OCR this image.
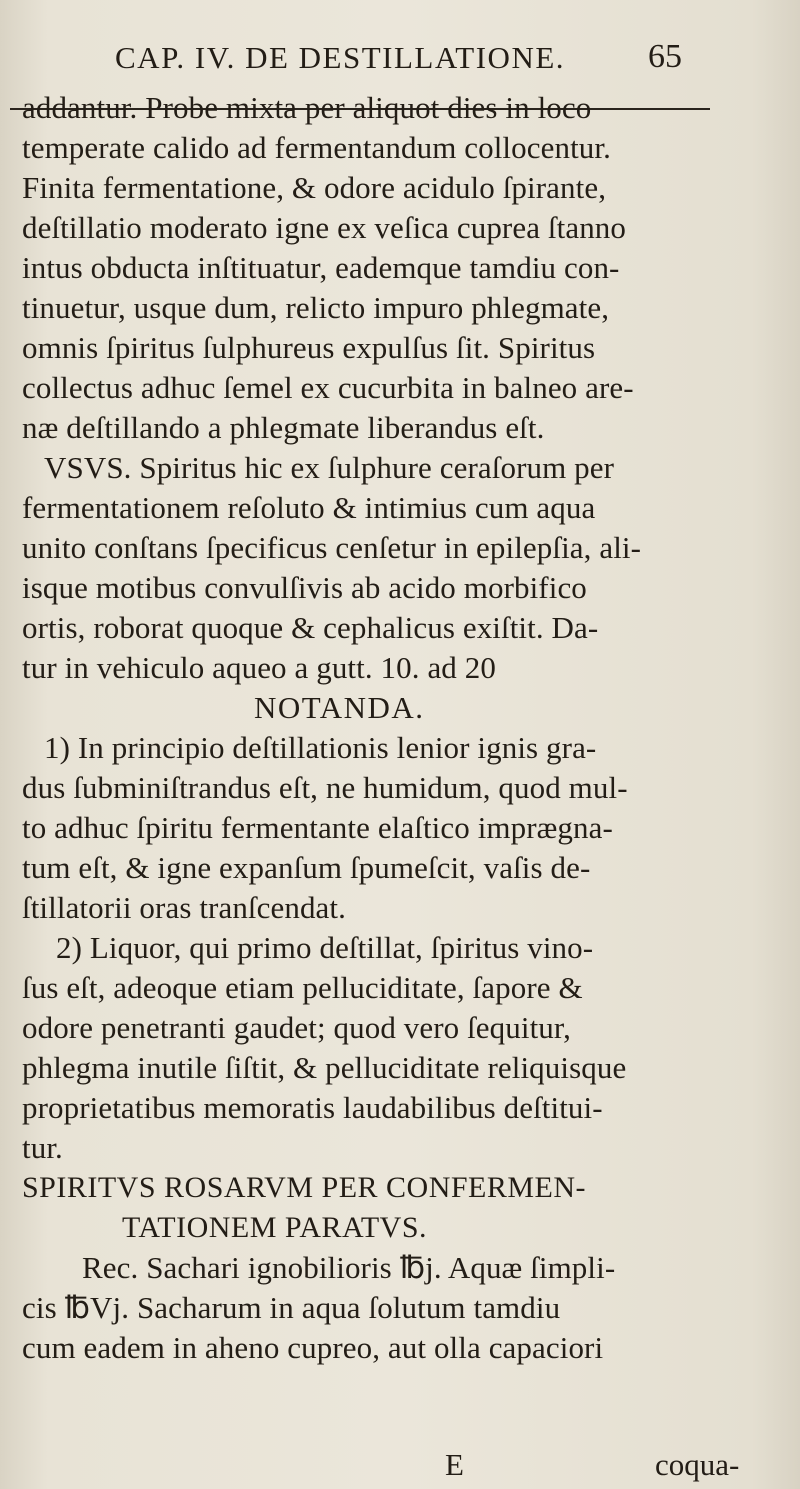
CAP. IV. DE DESTILLATIONE. 65
addantur. Probe mixta per aliquot dies in loco
temperate calido ad fermentandum collocentur.
Finita fermentatione, & odore acidulo ſpirante,
deſtillatio moderato igne ex veſica cuprea ſtanno
intus obducta inſtituatur, eademque tamdiu con-
tinuetur, usque dum, relicto impuro phlegmate,
omnis ſpiritus ſulphureus expulſus ſit. Spiritus
collectus adhuc ſemel ex cucurbita in balneo are-
næ deſtillando a phlegmate liberandus eſt.
VSVS. Spiritus hic ex ſulphure ceraſorum per
fermentationem reſoluto & intimius cum aqua
unito conſtans ſpecificus cenſetur in epilepſia, ali-
isque motibus convulſivis ab acido morbifico
ortis, roborat quoque & cephalicus exiſtit. Da-
tur in vehiculo aqueo a gutt. 10. ad 20
NOTANDA.
1) In principio deſtillationis lenior ignis gra-
dus ſubminiſtrandus eſt, ne humidum, quod mul-
to adhuc ſpiritu fermentante elaſtico imprægna-
tum eſt, & igne expanſum ſpumeſcit, vaſis de-
ſtillatorii oras tranſcendat.
2) Liquor, qui primo deſtillat, ſpiritus vino-
ſus eſt, adeoque etiam pelluciditate, ſapore &
odore penetranti gaudet; quod vero ſequitur,
phlegma inutile ſiſtit, & pelluciditate reliquisque
proprietatibus memoratis laudabilibus deſtitui-
tur.
SPIRITVS ROSARVM PER CONFERMEN-
TATIONEM PARATVS.
Rec. Sachari ignobilioris ℔j. Aquæ ſimpli-
cis ℔Vj. Sacharum in aqua ſolutum tamdiu
cum eadem in aheno cupreo, aut olla capaciori
E	coqua-
